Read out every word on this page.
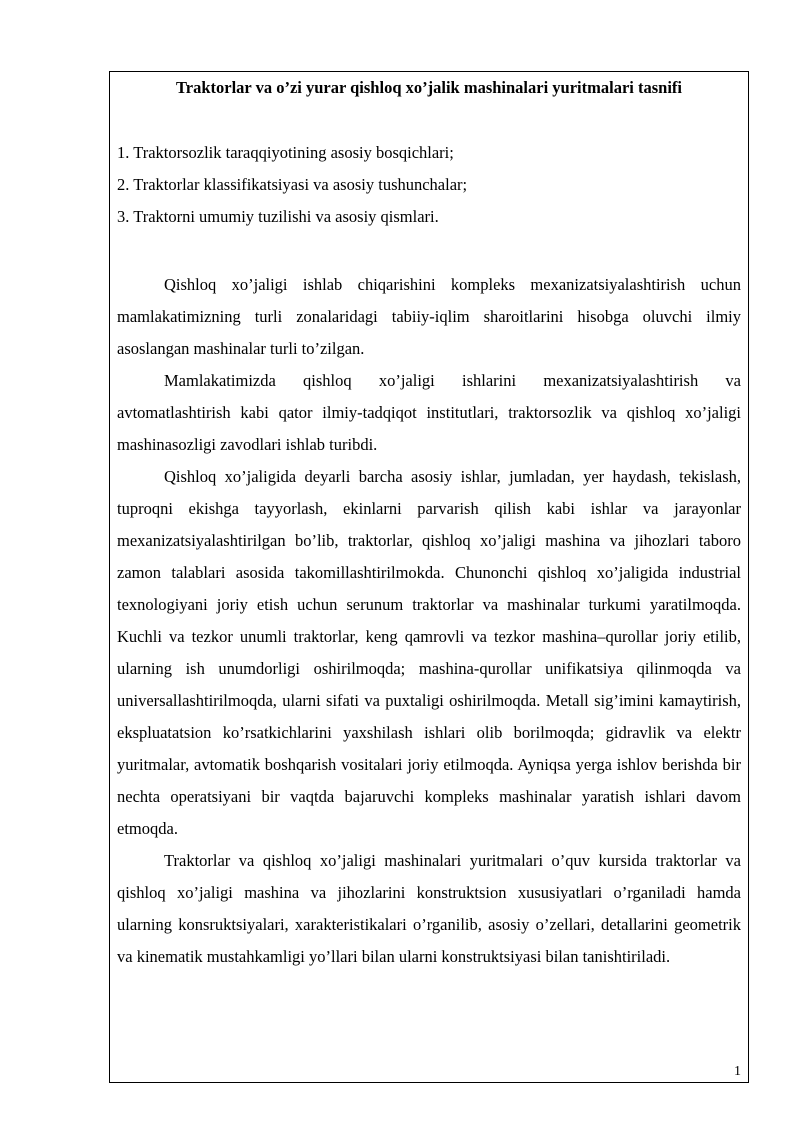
Traktorlar va o’zi yurar qishloq xo’jalik mashinalari yuritmalari tasnifi
1. Traktorsozlik taraqqiyotining asosiy bosqichlari;
2. Traktorlar klassifikatsiyasi va asosiy tushunchalar;
3. Traktorni umumiy tuzilishi va asosiy qismlari.

Qishloq xo’jaligi ishlab chiqarishini kompleks mexanizatsiyalashtirish uchun mamlakatimizning turli zonalaridagi tabiiy-iqlim sharoitlarini hisobga oluvchi ilmiy asoslangan mashinalar turli to’zilgan.

Mamlakatimizda qishloq xo’jaligi ishlarini mexanizatsiyalashtirish va avtomatlashtirish kabi qator ilmiy-tadqiqot institutlari, traktorsozlik va qishloq xo’jaligi mashinasozligi zavodlari ishlab turibdi.

Qishloq xo’jaligida deyarli barcha asosiy ishlar, jumladan, yer haydash, tekislash, tuproqni ekishga tayyorlash, ekinlarni parvarish qilish kabi ishlar va jarayonlar mexanizatsiyalashtirilgan bo’lib, traktorlar, qishloq xo’jaligi mashina va jihozlari taboro zamon talablari asosida takomillashtirilmokda. Chunonchi qishloq xo’jaligida industrial texnologiyani joriy etish uchun serunum traktorlar va mashinalar turkumi yaratilmoqda. Kuchli va tezkor unumli traktorlar, keng qamrovli va tezkor mashina–qurollar joriy etilib, ularning ish unumdorligi oshirilmoqda; mashina-qurollar unifikatsiya qilinmoqda va universallashtirilmoqda, ularni sifati va puxtaligi oshirilmoqda. Metall sig’imini kamaytirish, ekspluatatsion ko’rsatkichlarini yaxshilash ishlari olib borilmoqda; gidravlik va elektr yuritmalar, avtomatik boshqarish vositalari joriy etilmoqda. Ayniqsa yerga ishlov berishda bir nechta operatsiyani bir vaqtda bajaruvchi kompleks mashinalar yaratish ishlari davom etmoqda.

Traktorlar va qishloq xo’jaligi mashinalari yuritmalari o’quv kursida traktorlar va qishloq xo’jaligi mashina va jihozlarini konstruktsion xususiyatlari o’rganiladi hamda ularning konsruktsiyalari, xarakteristikalari o’rganilib, asosiy o’zellari, detallarini geometrik va kinematik mustahkamligi yo’llari bilan ularni konstruktsiyasi bilan tanishtiriladi.

1
